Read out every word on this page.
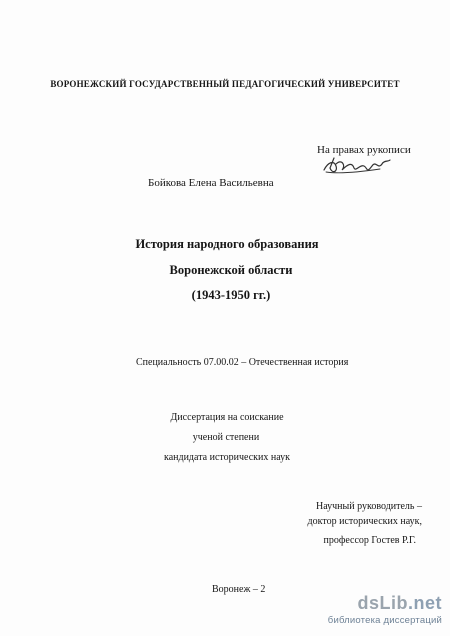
ВОРОНЕЖСКИЙ ГОСУДАРСТВЕННЫЙ ПЕДАГОГИЧЕСКИЙ УНИВЕРСИТЕТ
На правах рукописи
Бойкова Елена Васильевна
История народного образования
Воронежской области
(1943-1950 гг.)
Специальность 07.00.02 – Отечественная история
Диссертация на соискание
ученой степени
кандидата исторических наук
Научный руководитель –
доктор исторических наук,
профессор Гостев Р.Г.
Воронеж – 2
dsLib.net
библиотека диссертаций
